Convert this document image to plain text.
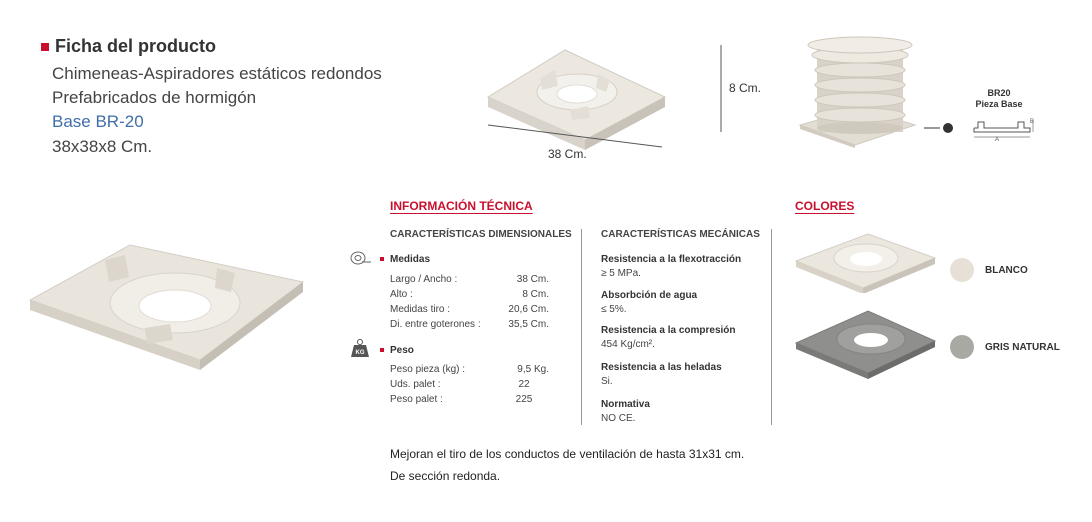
Ficha del producto
Chimeneas-Aspiradores estáticos redondos
Prefabricados de hormigón
Base BR-20
38x38x8 Cm.
8 Cm.
38 Cm.
BR20
Pieza Base
A
B
INFORMACIÓN TÉCNICA
CARACTERÍSTICAS DIMENSIONALES
Medidas
Largo / Ancho :	38 Cm.
Alto :	8 Cm.
Medidas tiro :	20,6 Cm.
Di. entre goterones :	35,5 Cm.
KG	Peso
Peso pieza (kg) :	9,5 Kg.
Uds. palet :	22
Peso palet :	225
CARACTERÍSTICAS MECÁNICAS
Resistencia a la flexotracción
≥ 5 MPa.
Absorbción de agua
≤ 5%.
Resistencia a la compresión
454 Kg/cm².
Resistencia a las heladas
Si.
Normativa
NO CE.
COLORES
BLANCO
GRIS NATURAL
Mejoran el tiro de los conductos de ventilación de hasta 31x31 cm.
De sección redonda.
